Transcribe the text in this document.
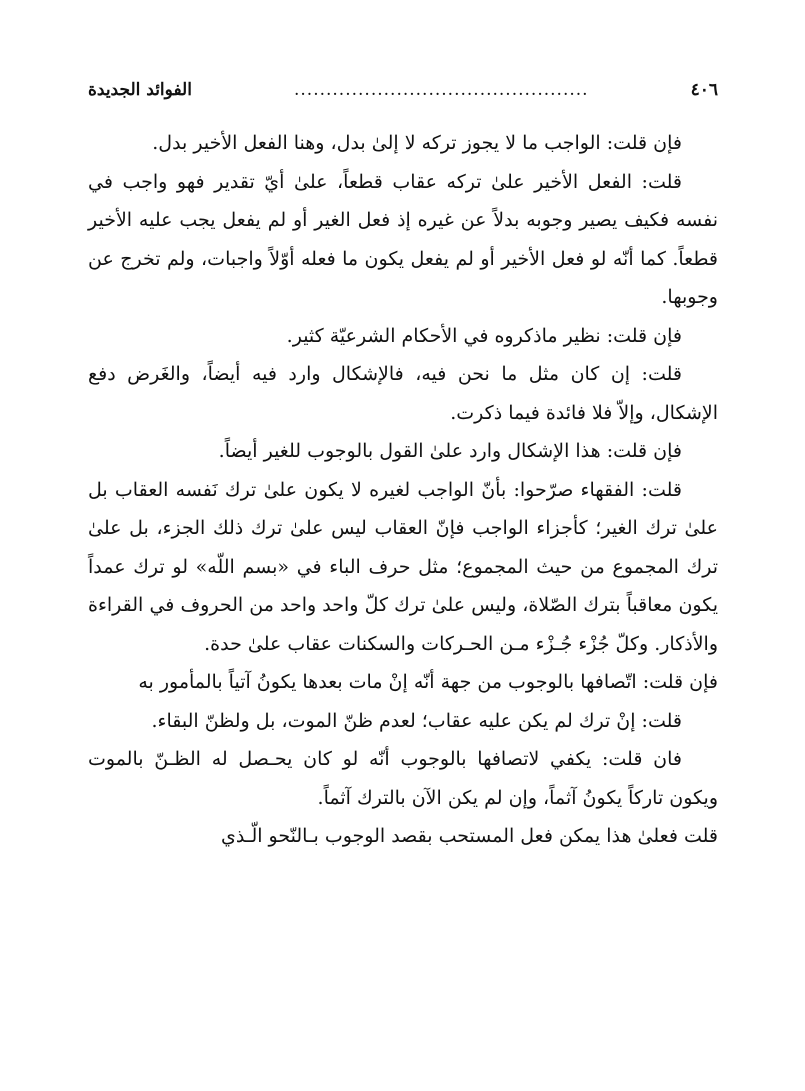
٤٠٦
..............................................
الفوائد الجديدة

فإن قلت: الواجب ما لا يجوز تركه لا إلىٰ بدل، وهنا الفعل الأخير بدل.

قلت: الفعل الأخير علىٰ تركه عقاب قطعاً، علىٰ أيّ تقدير فهو واجب في نفسه فكيف يصير وجوبه بدلاً عن غيره إذ فعل الغير أو لم يفعل يجب عليه الأخير قطعاً. كما أنّه لو فعل الأخير أو لم يفعل يكون ما فعله أوّلاً واجبات، ولم تخرج عن وجوبها.

فإن قلت: نظير ماذكروه في الأحكام الشرعيّة كثير.

قلت: إن كان مثل ما نحن فيه، فالإشكال وارد فيه أيضاً، والغَرض دفع الإشكال، وإلاّ فلا فائدة فيما ذكرت.

فإن قلت: هذا الإشكال وارد علىٰ القول بالوجوب للغير أيضاً.

قلت: الفقهاء صرّحوا: بأنّ الواجب لغيره لا يكون علىٰ ترك نَفسه العقاب بل علىٰ ترك الغير؛ كأجزاء الواجب فإنّ العقاب ليس علىٰ ترك ذلك الجزء، بل علىٰ ترك المجموع من حيث المجموع؛ مثل حرف الباء في «بسم اللّه» لو ترك عمداً يكون معاقباً بترك الصّلاة، وليس علىٰ ترك كلّ واحد واحد من الحروف في القراءة والأذكار. وكلّ جُزْء جُـزْء مـن الحـركات والسكنات عقاب علىٰ حدة.

فإن قلت: اتّصافها بالوجوب من جهة أنّه إنْ مات بعدها يكونُ آتياً بالمأمور به

قلت: إنْ ترك لم يكن عليه عقاب؛ لعدم ظنّ الموت، بل ولظنّ البقاء.

فان قلت: يكفي لاتصافها بالوجوب أنّه لو كان يحـصل له الظـنّ بالموت ويكون تاركاً يكونُ آثماً، وإن لم يكن الآن بالترك آثماً.

قلت فعلىٰ هذا يمكن فعل المستحب بقصد الوجوب بـالنّحو الّـذي
